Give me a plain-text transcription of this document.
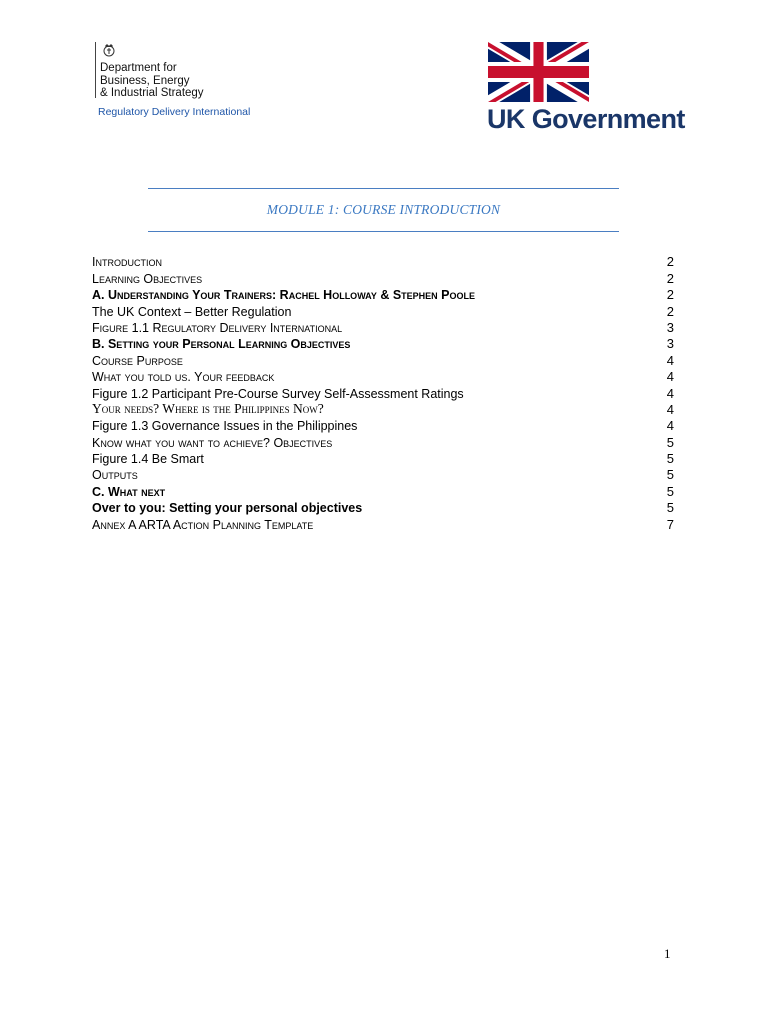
Department for
Business, Energy
& Industrial Strategy
Regulatory Delivery International	UK Government
MODULE 1: COURSE INTRODUCTION
Introduction	2
Learning Objectives	2
A. Understanding Your Trainers: Rachel Holloway & Stephen Poole	2
The UK Context – Better Regulation	2
Figure 1.1 Regulatory Delivery International	3
B. Setting your Personal Learning Objectives	3
Course Purpose	4
What you told us. Your feedback	4
Figure 1.2 Participant Pre-Course Survey Self-Assessment Ratings	4
Your needs? Where is the Philippines Now?	4
Figure 1.3 Governance Issues in the Philippines	4
Know what you want to achieve? Objectives	5
Figure 1.4 Be Smart	5
Outputs	5
C. What next	5
Over to you: Setting your personal objectives	5
Annex A ARTA Action Planning Template	7
1
